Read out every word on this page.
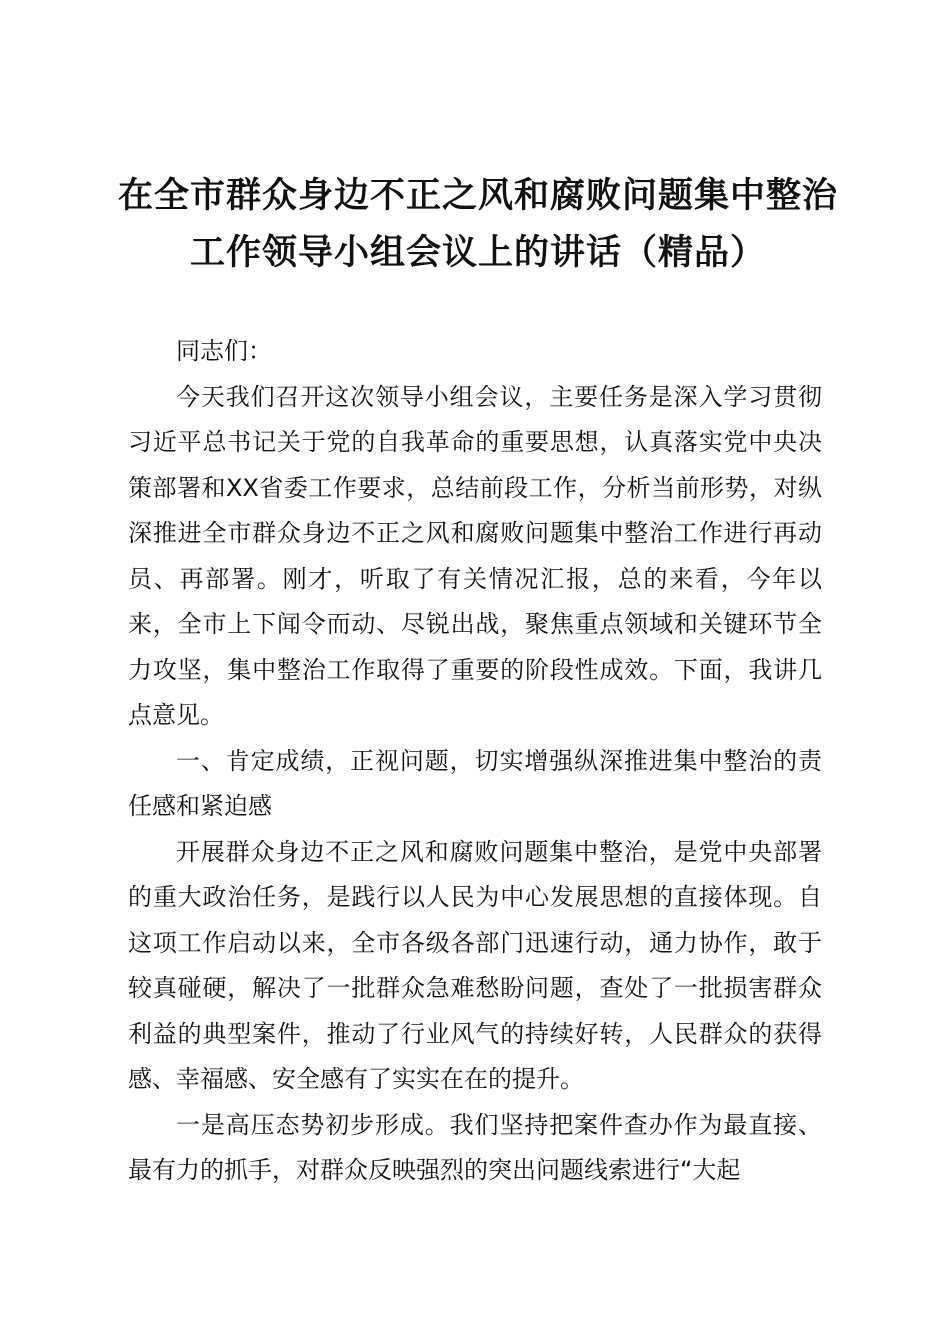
在全市群众身边不正之风和腐败问题集中整治工作领导小组会议上的讲话（精品）

同志们：

今天我们召开这次领导小组会议，主要任务是深入学习贯彻习近平总书记关于党的自我革命的重要思想，认真落实党中央决策部署和XX省委工作要求，总结前段工作，分析当前形势，对纵深推进全市群众身边不正之风和腐败问题集中整治工作进行再动员、再部署。刚才，听取了有关情况汇报，总的来看，今年以来，全市上下闻令而动、尽锐出战，聚焦重点领域和关键环节全力攻坚，集中整治工作取得了重要的阶段性成效。下面，我讲几点意见。

一、肯定成绩，正视问题，切实增强纵深推进集中整治的责任感和紧迫感

开展群众身边不正之风和腐败问题集中整治，是党中央部署的重大政治任务，是践行以人民为中心发展思想的直接体现。自这项工作启动以来，全市各级各部门迅速行动，通力协作，敢于较真碰硬，解决了一批群众急难愁盼问题，查处了一批损害群众利益的典型案件，推动了行业风气的持续好转，人民群众的获得感、幸福感、安全感有了实实在在的提升。

一是高压态势初步形成。我们坚持把案件查办作为最直接、最有力的抓手，对群众反映强烈的突出问题线索进行“大起
